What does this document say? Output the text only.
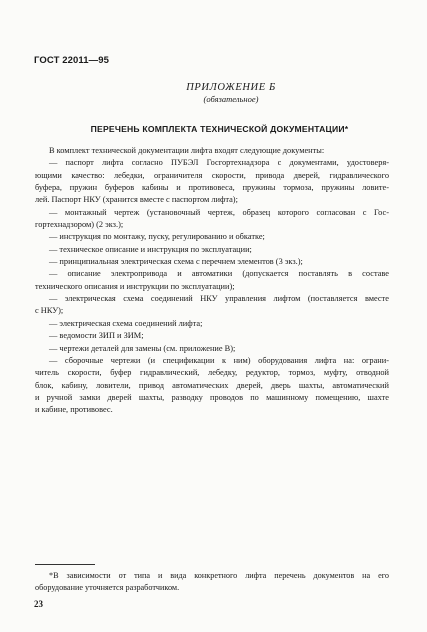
ГОСТ 22011—95
ПРИЛОЖЕНИЕ Б
(обязательное)
ПЕРЕЧЕНЬ КОМПЛЕКТА ТЕХНИЧЕСКОЙ ДОКУМЕНТАЦИИ*
В комплект технической документации лифта входят следующие документы:
— паспорт лифта согласно ПУБЭЛ Госгортехнадзора с документами, удостоверя-
ющими качество: лебедки, ограничителя скорости, привода дверей, гидравлического
буфера, пружин буферов кабины и противовеса, пружины тормоза, пружины ловите-
лей. Паспорт НКУ (хранится вместе с паспортом лифта);
— монтажный чертеж (установочный чертеж, образец которого согласован с Гос-
гортехнадзором) (2 экз.);
— инструкция по монтажу, пуску, регулированию и обкатке;
— техническое описание и инструкция по эксплуатации;
— принципиальная электрическая схема с перечнем элементов (3 экз.);
— описание электропривода и автоматики (допускается поставлять в составе
технического описания и инструкции по эксплуатации);
— электрическая схема соединений НКУ управления лифтом (поставляется вместе
с НКУ);
— электрическая схема соединений лифта;
— ведомости ЗИП и ЗИМ;
— чертежи деталей для замены (см. приложение В);
— сборочные чертежи (и спецификации к ним) оборудования лифта на: ограни-
читель скорости, буфер гидравлический, лебедку, редуктор, тормоз, муфту, отводной
блок, кабину, ловители, привод автоматических дверей, дверь шахты, автоматический
и ручной замки дверей шахты, разводку проводов по машинному помещению, шахте
и кабине, противовес.
*В зависимости от типа и вида конкретного лифта перечень документов на его
оборудование уточняется разработчиком.
23
